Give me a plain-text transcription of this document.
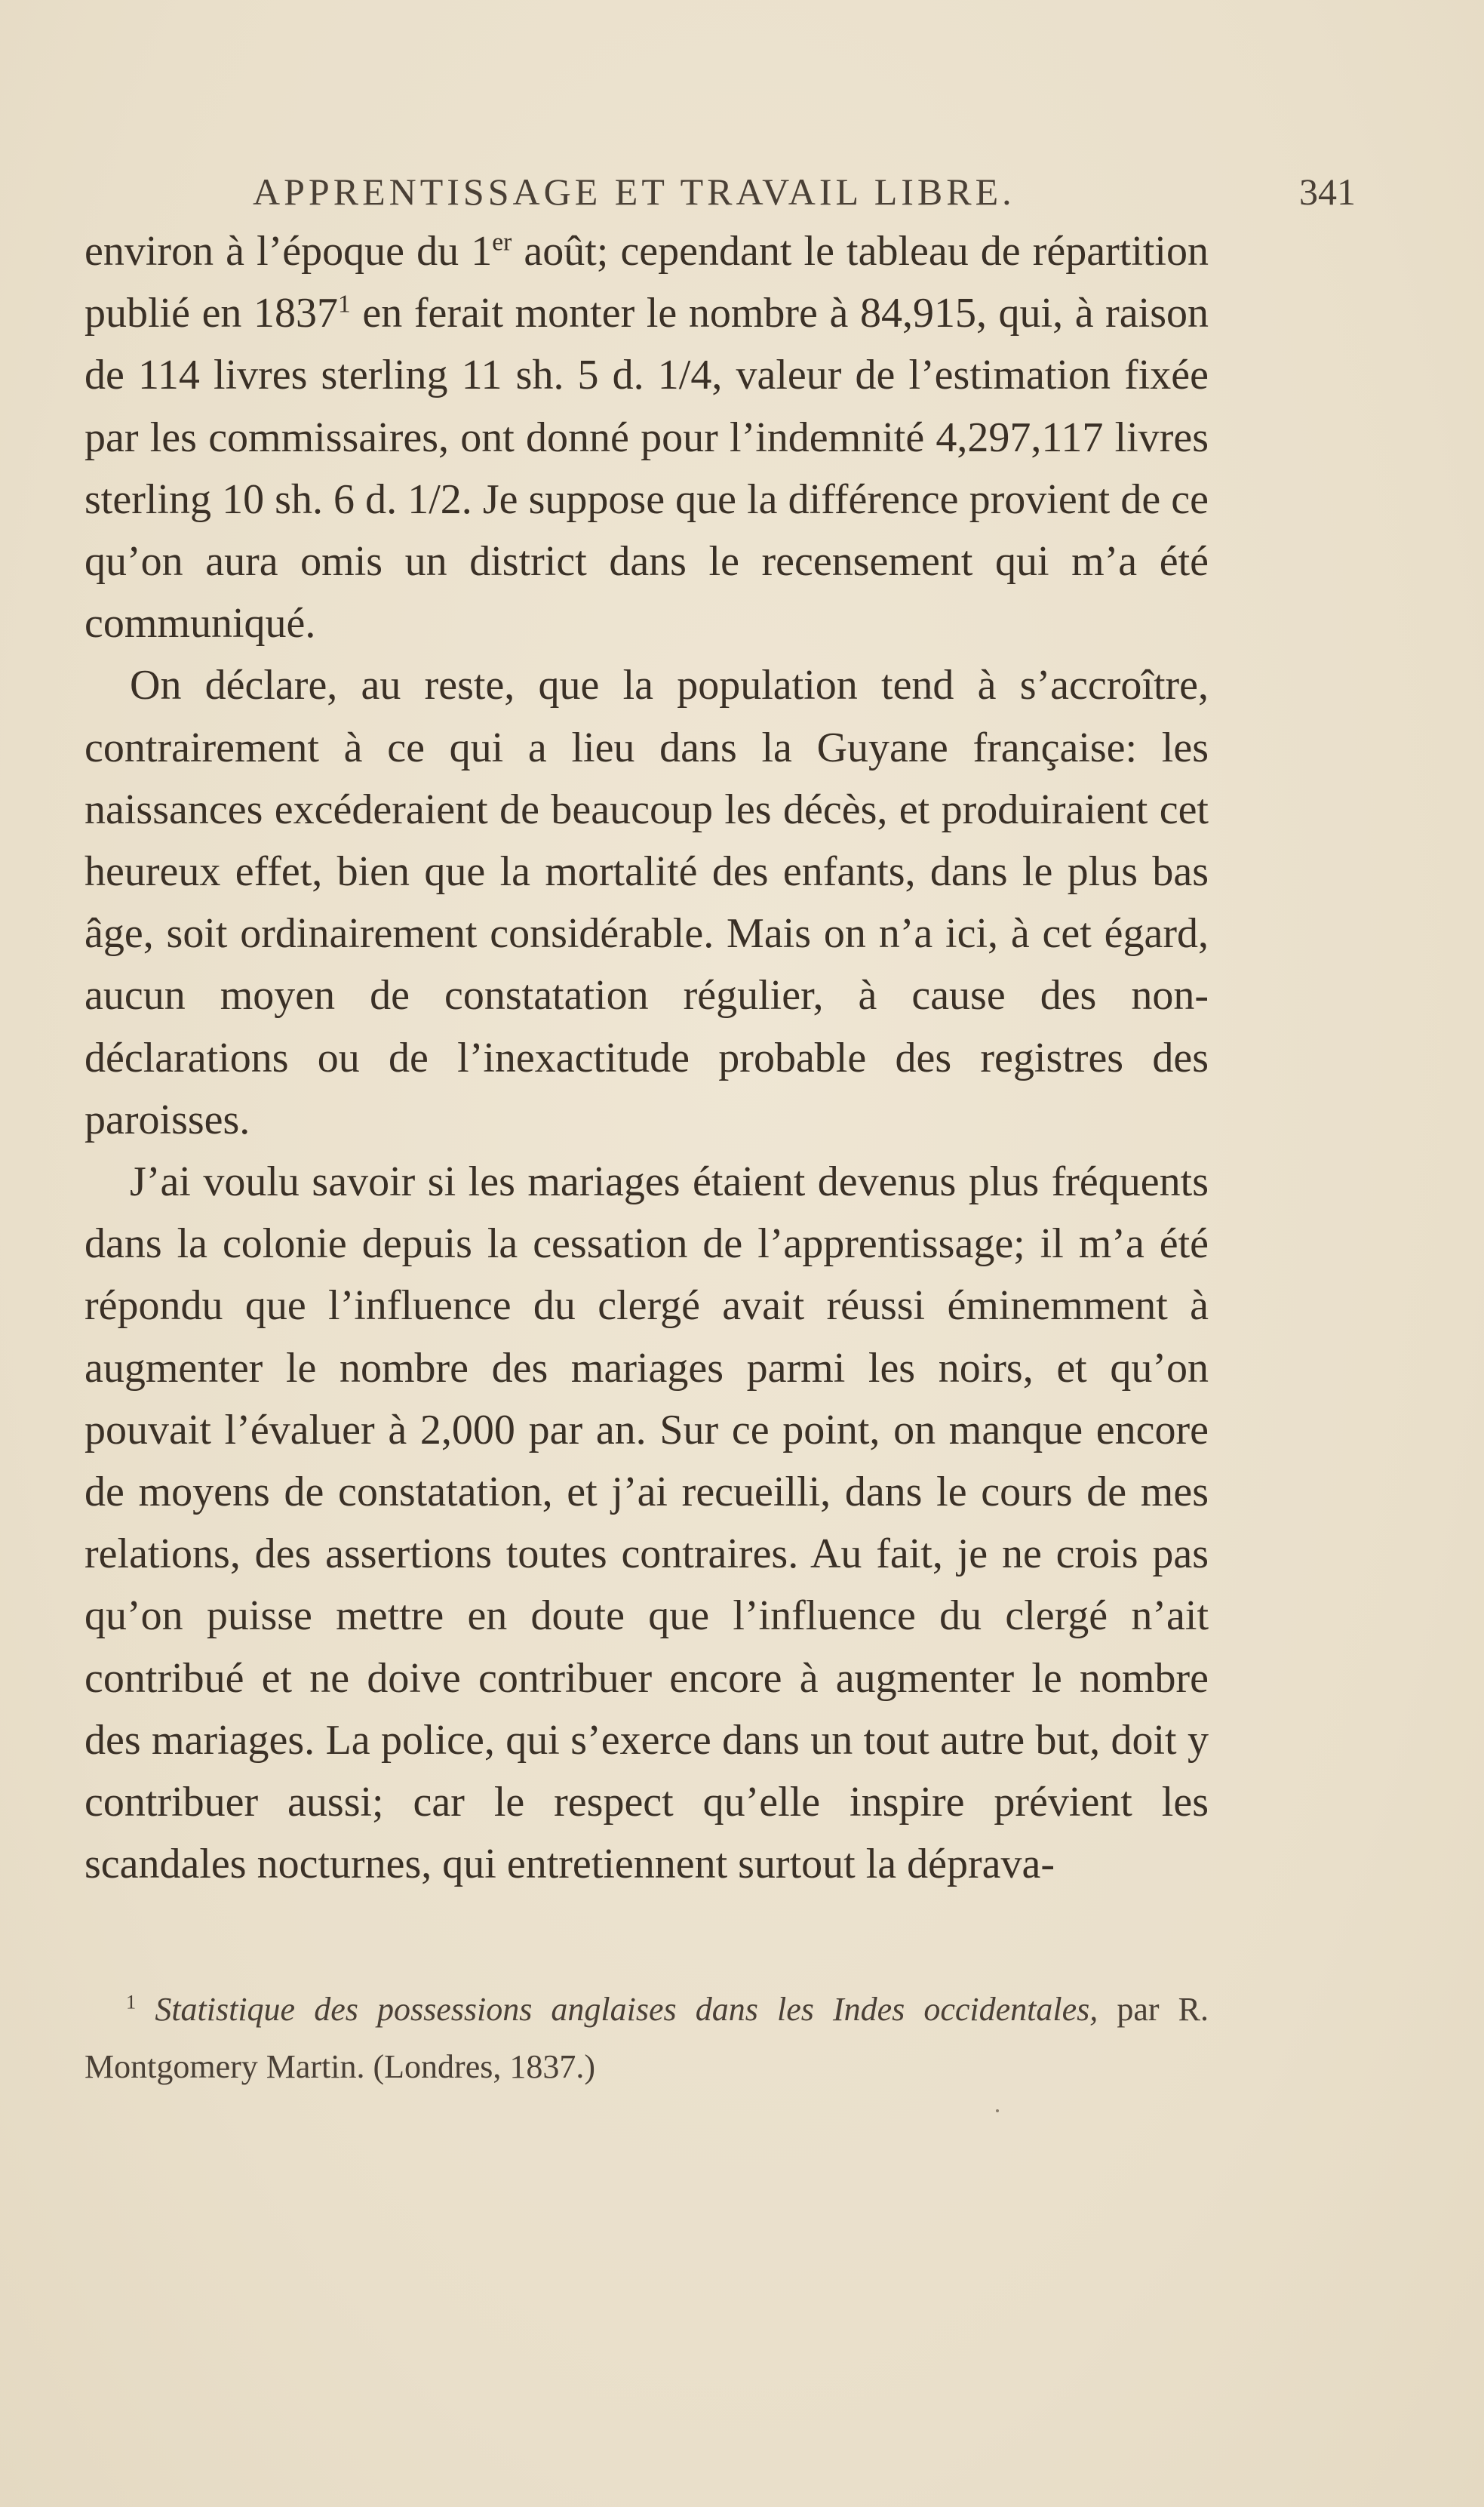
APPRENTISSAGE ET TRAVAIL LIBRE.	341

environ à l’époque du 1er août; cependant le tableau de répartition publié en 1837$^1$ en ferait monter le nombre à 84,915, qui, à raison de 114 livres sterling 11 sh. 5 d. 1/4, valeur de l’estimation fixée par les commissaires, ont donné pour l’indemnité 4,297,117 livres sterling 10 sh. 6 d. 1/2. Je suppose que la différence provient de ce qu’on aura omis un district dans le recensement qui m’a été communiqué.

On déclare, au reste, que la population tend à s’accroître, contrairement à ce qui a lieu dans la Guyane française: les naissances excéderaient de beaucoup les décès, et produiraient cet heureux effet, bien que la mortalité des enfants, dans le plus bas âge, soit ordinairement considérable. Mais on n’a ici, à cet égard, aucun moyen de constatation régulier, à cause des non-déclarations ou de l’inexactitude probable des registres des paroisses.

J’ai voulu savoir si les mariages étaient devenus plus fréquents dans la colonie depuis la cessation de l’apprentissage; il m’a été répondu que l’influence du clergé avait réussi éminemment à augmenter le nombre des mariages parmi les noirs, et qu’on pouvait l’évaluer à 2,000 par an. Sur ce point, on manque encore de moyens de constatation, et j’ai recueilli, dans le cours de mes relations, des assertions toutes contraires. Au fait, je ne crois pas qu’on puisse mettre en doute que l’influence du clergé n’ait contribué et ne doive contribuer encore à augmenter le nombre des mariages. La police, qui s’exerce dans un tout autre but, doit y contribuer aussi; car le respect qu’elle inspire prévient les scandales nocturnes, qui entretiennent surtout la déprava-

$^1$ Statistique des possessions anglaises dans les Indes occidentales, par R. Montgomery Martin. (Londres, 1837.)
